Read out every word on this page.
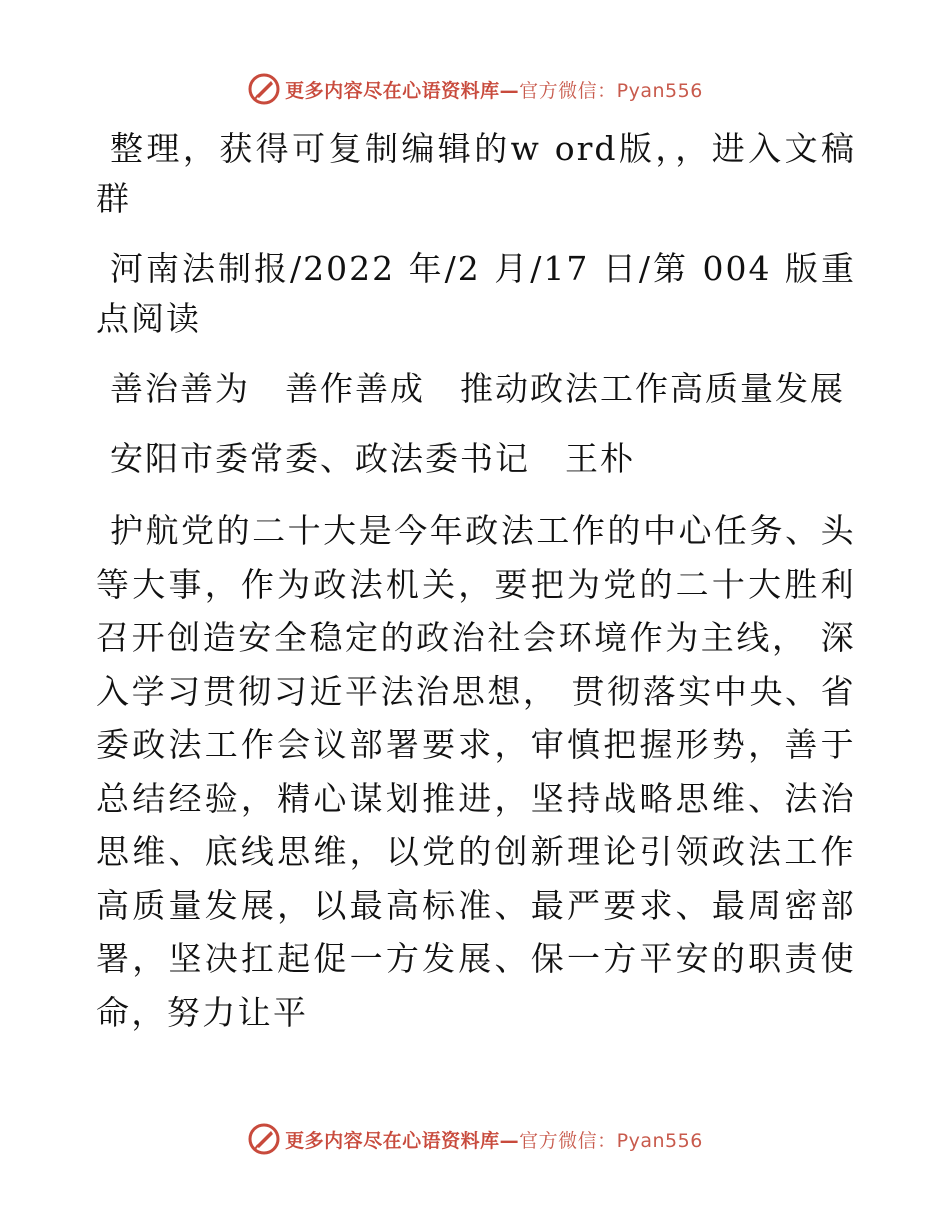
更多内容尽在心语资料库—官方微信：Pyan556

整理，获得可复制编辑的w ord版，，进入文稿群

河南法制报/2022 年/2 月/17 日/第 004 版重点阅读

善治善为　善作善成　推动政法工作高质量发展

安阳市委常委、政法委书记　王朴

护航党的二十大是今年政法工作的中心任务、头等大事，作为政法机关，要把为党的二十大胜利召开创造安全稳定的政治社会环境作为主线， 深入学习贯彻习近平法治思想， 贯彻落实中央、省委政法工作会议部署要求，审慎把握形势，善于总结经验，精心谋划推进，坚持战略思维、法治思维、底线思维，以党的创新理论引领政法工作高质量发展，以最高标准、最严要求、最周密部署，坚决扛起促一方发展、保一方平安的职责使命，努力让平

更多内容尽在心语资料库—官方微信：Pyan556
